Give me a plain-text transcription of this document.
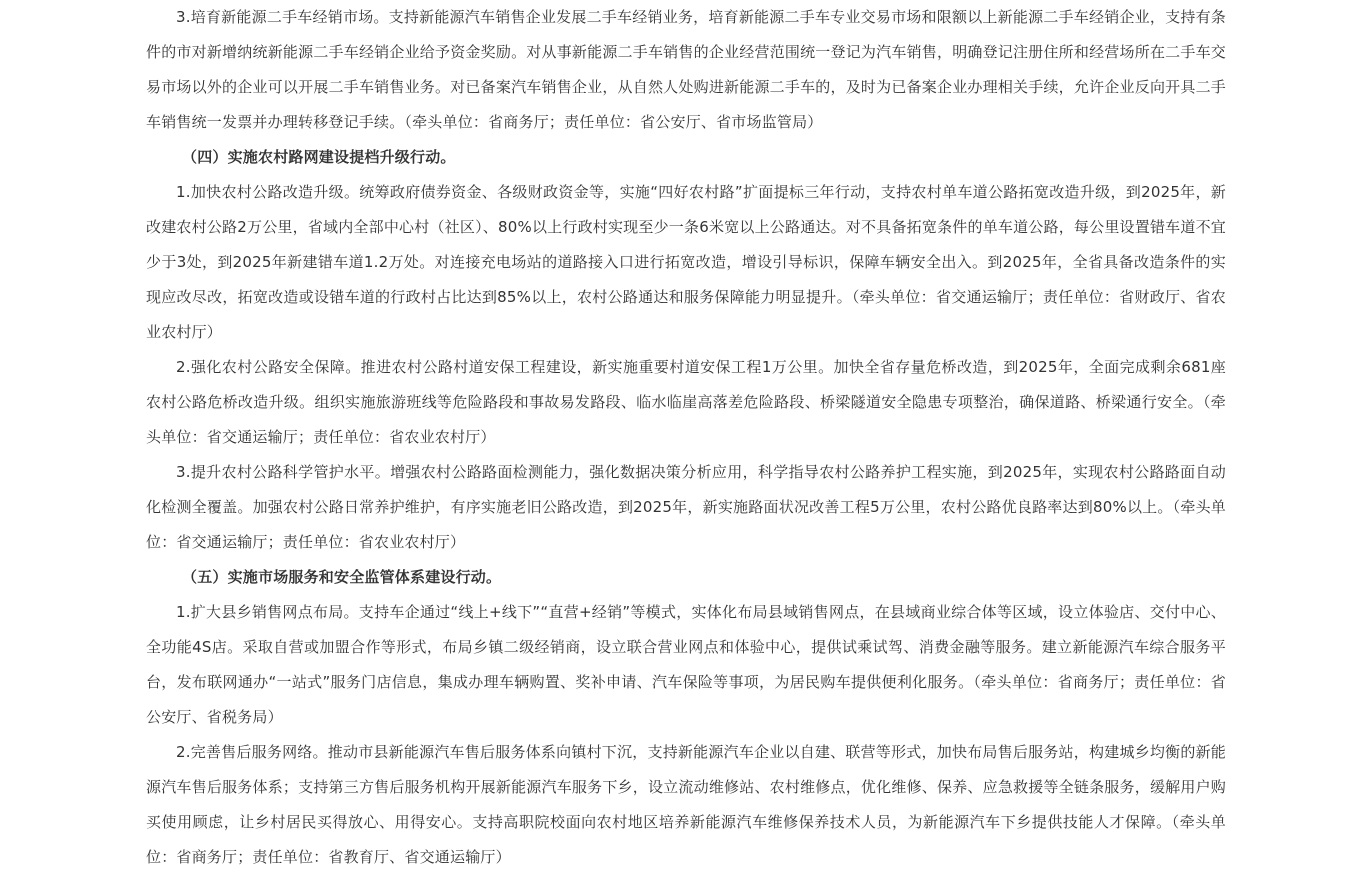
3.培育新能源二手车经销市场。支持新能源汽车销售企业发展二手车经销业务，培育新能源二手车专业交易市场和限额以上新能源二手车经销企业，支持有条件的市对新增纳统新能源二手车经销企业给予资金奖励。对从事新能源二手车销售的企业经营范围统一登记为汽车销售，明确登记注册住所和经营场所在二手车交易市场以外的企业可以开展二手车销售业务。对已备案汽车销售企业，从自然人处购进新能源二手车的，及时为已备案企业办理相关手续，允许企业反向开具二手车销售统一发票并办理转移登记手续。（牵头单位：省商务厅；责任单位：省公安厅、省市场监管局）

（四）实施农村路网建设提档升级行动。

1.加快农村公路改造升级。统筹政府债券资金、各级财政资金等，实施“四好农村路”扩面提标三年行动，支持农村单车道公路拓宽改造升级，到2025年，新改建农村公路2万公里，省域内全部中心村（社区）、80%以上行政村实现至少一条6米宽以上公路通达。对不具备拓宽条件的单车道公路，每公里设置错车道不宜少于3处，到2025年新建错车道1.2万处。对连接充电场站的道路接入口进行拓宽改造，增设引导标识，保障车辆安全出入。到2025年，全省具备改造条件的实现应改尽改，拓宽改造或设错车道的行政村占比达到85%以上，农村公路通达和服务保障能力明显提升。（牵头单位：省交通运输厅；责任单位：省财政厅、省农业农村厅）

2.强化农村公路安全保障。推进农村公路村道安保工程建设，新实施重要村道安保工程1万公里。加快全省存量危桥改造，到2025年，全面完成剩余681座农村公路危桥改造升级。组织实施旅游班线等危险路段和事故易发路段、临水临崖高落差危险路段、桥梁隧道安全隐患专项整治，确保道路、桥梁通行安全。（牵头单位：省交通运输厅；责任单位：省农业农村厅）

3.提升农村公路科学管护水平。增强农村公路路面检测能力，强化数据决策分析应用，科学指导农村公路养护工程实施，到2025年，实现农村公路路面自动化检测全覆盖。加强农村公路日常养护维护，有序实施老旧公路改造，到2025年，新实施路面状况改善工程5万公里，农村公路优良路率达到80%以上。（牵头单位：省交通运输厅；责任单位：省农业农村厅）

（五）实施市场服务和安全监管体系建设行动。

1.扩大县乡销售网点布局。支持车企通过“线上+线下”“直营+经销”等模式，实体化布局县域销售网点，在县域商业综合体等区域，设立体验店、交付中心、全功能4S店。采取自营或加盟合作等形式，布局乡镇二级经销商，设立联合营业网点和体验中心，提供试乘试驾、消费金融等服务。建立新能源汽车综合服务平台，发布联网通办“一站式”服务门店信息，集成办理车辆购置、奖补申请、汽车保险等事项，为居民购车提供便利化服务。（牵头单位：省商务厅；责任单位：省公安厅、省税务局）

2.完善售后服务网络。推动市县新能源汽车售后服务体系向镇村下沉，支持新能源汽车企业以自建、联营等形式，加快布局售后服务站，构建城乡均衡的新能源汽车售后服务体系；支持第三方售后服务机构开展新能源汽车服务下乡，设立流动维修站、农村维修点，优化维修、保养、应急救援等全链条服务，缓解用户购买使用顾虑，让乡村居民买得放心、用得安心。支持高职院校面向农村地区培养新能源汽车维修保养技术人员，为新能源汽车下乡提供技能人才保障。（牵头单位：省商务厅；责任单位：省教育厅、省交通运输厅）
